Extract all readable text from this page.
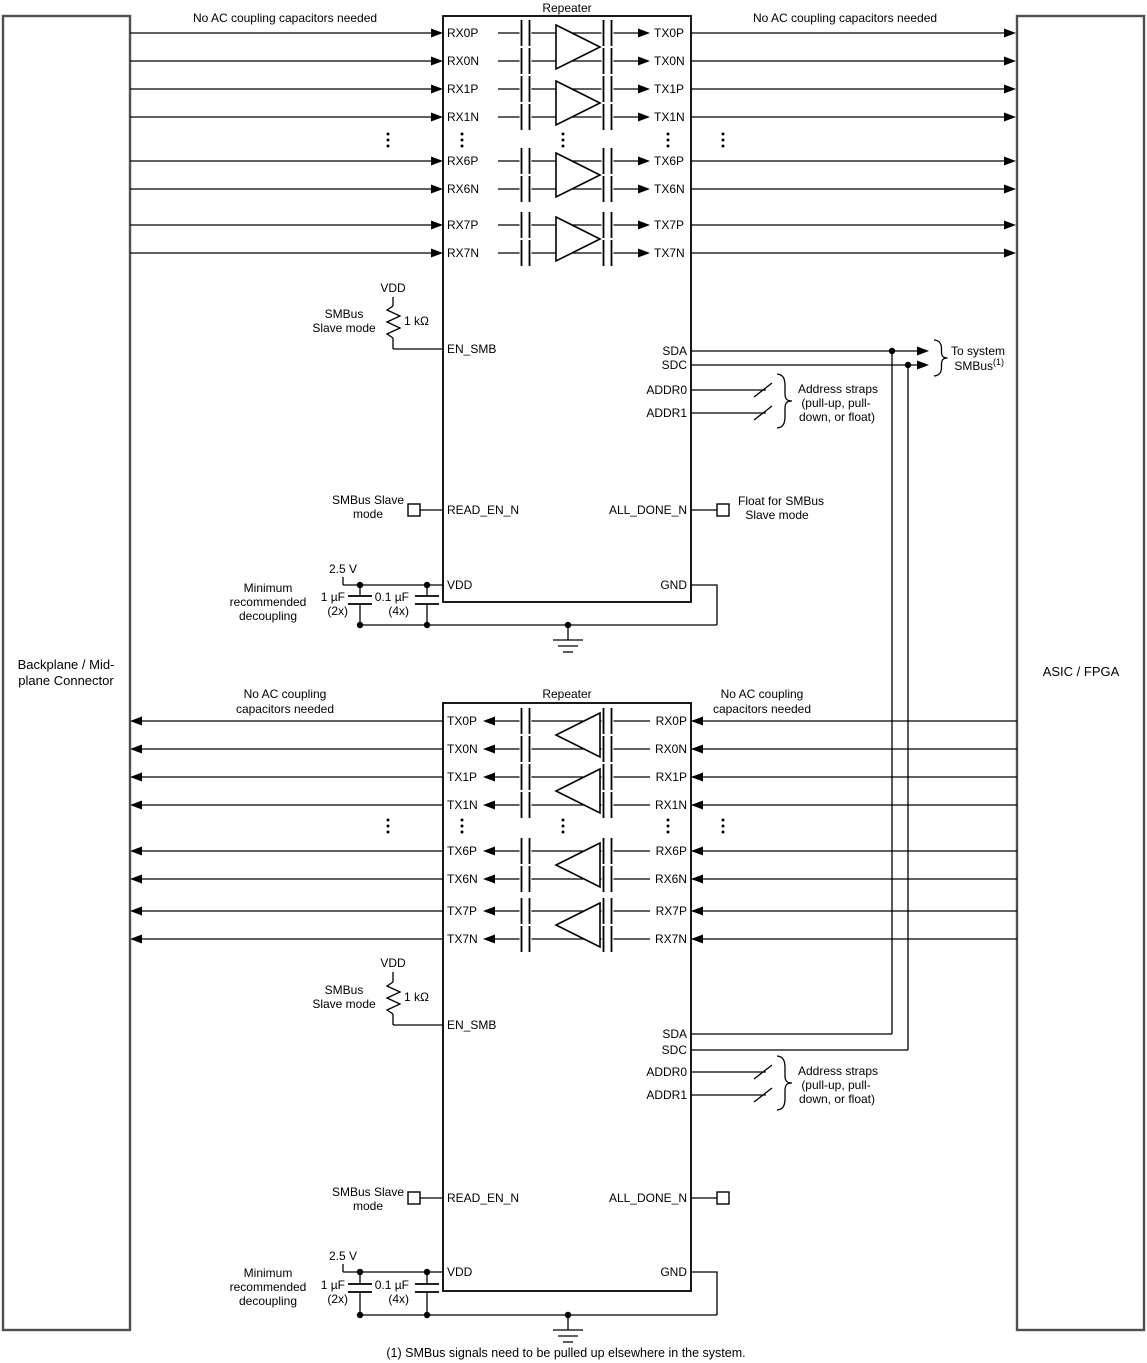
Backplane / Mid-
plane Connector
ASIC / FPGA
Repeater
Repeater
RX0P
RX0N
RX1P
RX1N
RX6P
RX6N
RX7P
RX7N
TX0P
TX0N
TX1P
TX1N
TX6P
TX6N
TX7P
TX7N
No AC coupling capacitors needed	No AC coupling capacitors needed
VDD
1 kΩ
SMBus
Slave mode
EN_SMB	SDA
SDC
To system
SMBus (1)
ADDR0
ADDR1
Address straps
(pull-up, pull-
down, or float)
READ_EN_N
SMBus Slave
mode	ALL_DONE_N
Float for SMBus
Slave mode
2.5 V
1 µF
(2x)
0.1 µF
(4x)
VDD	GND
Minimum
recommended
decoupling
TX0P
TX0N
TX1P
TX1N
TX6P
TX6N
TX7P
TX7N
RX0P
RX0N
RX1P
RX1N
RX6P
RX6N
RX7P
RX7N
No AC coupling
capacitors needed
No AC coupling
capacitors needed
VDD
1 kΩ
SMBus
Slave mode
EN_SMB
SDA
SDC
ADDR0
ADDR1
Address straps
(pull-up, pull-
down, or float)
READ_EN_N
SMBus Slave
mode
ALL_DONE_N
2.5 V
1 µF
(2x)
0.1 µF
(4x)
VDD	GND
Minimum
recommended
decoupling
(1) SMBus signals need to be pulled up elsewhere in the system.
